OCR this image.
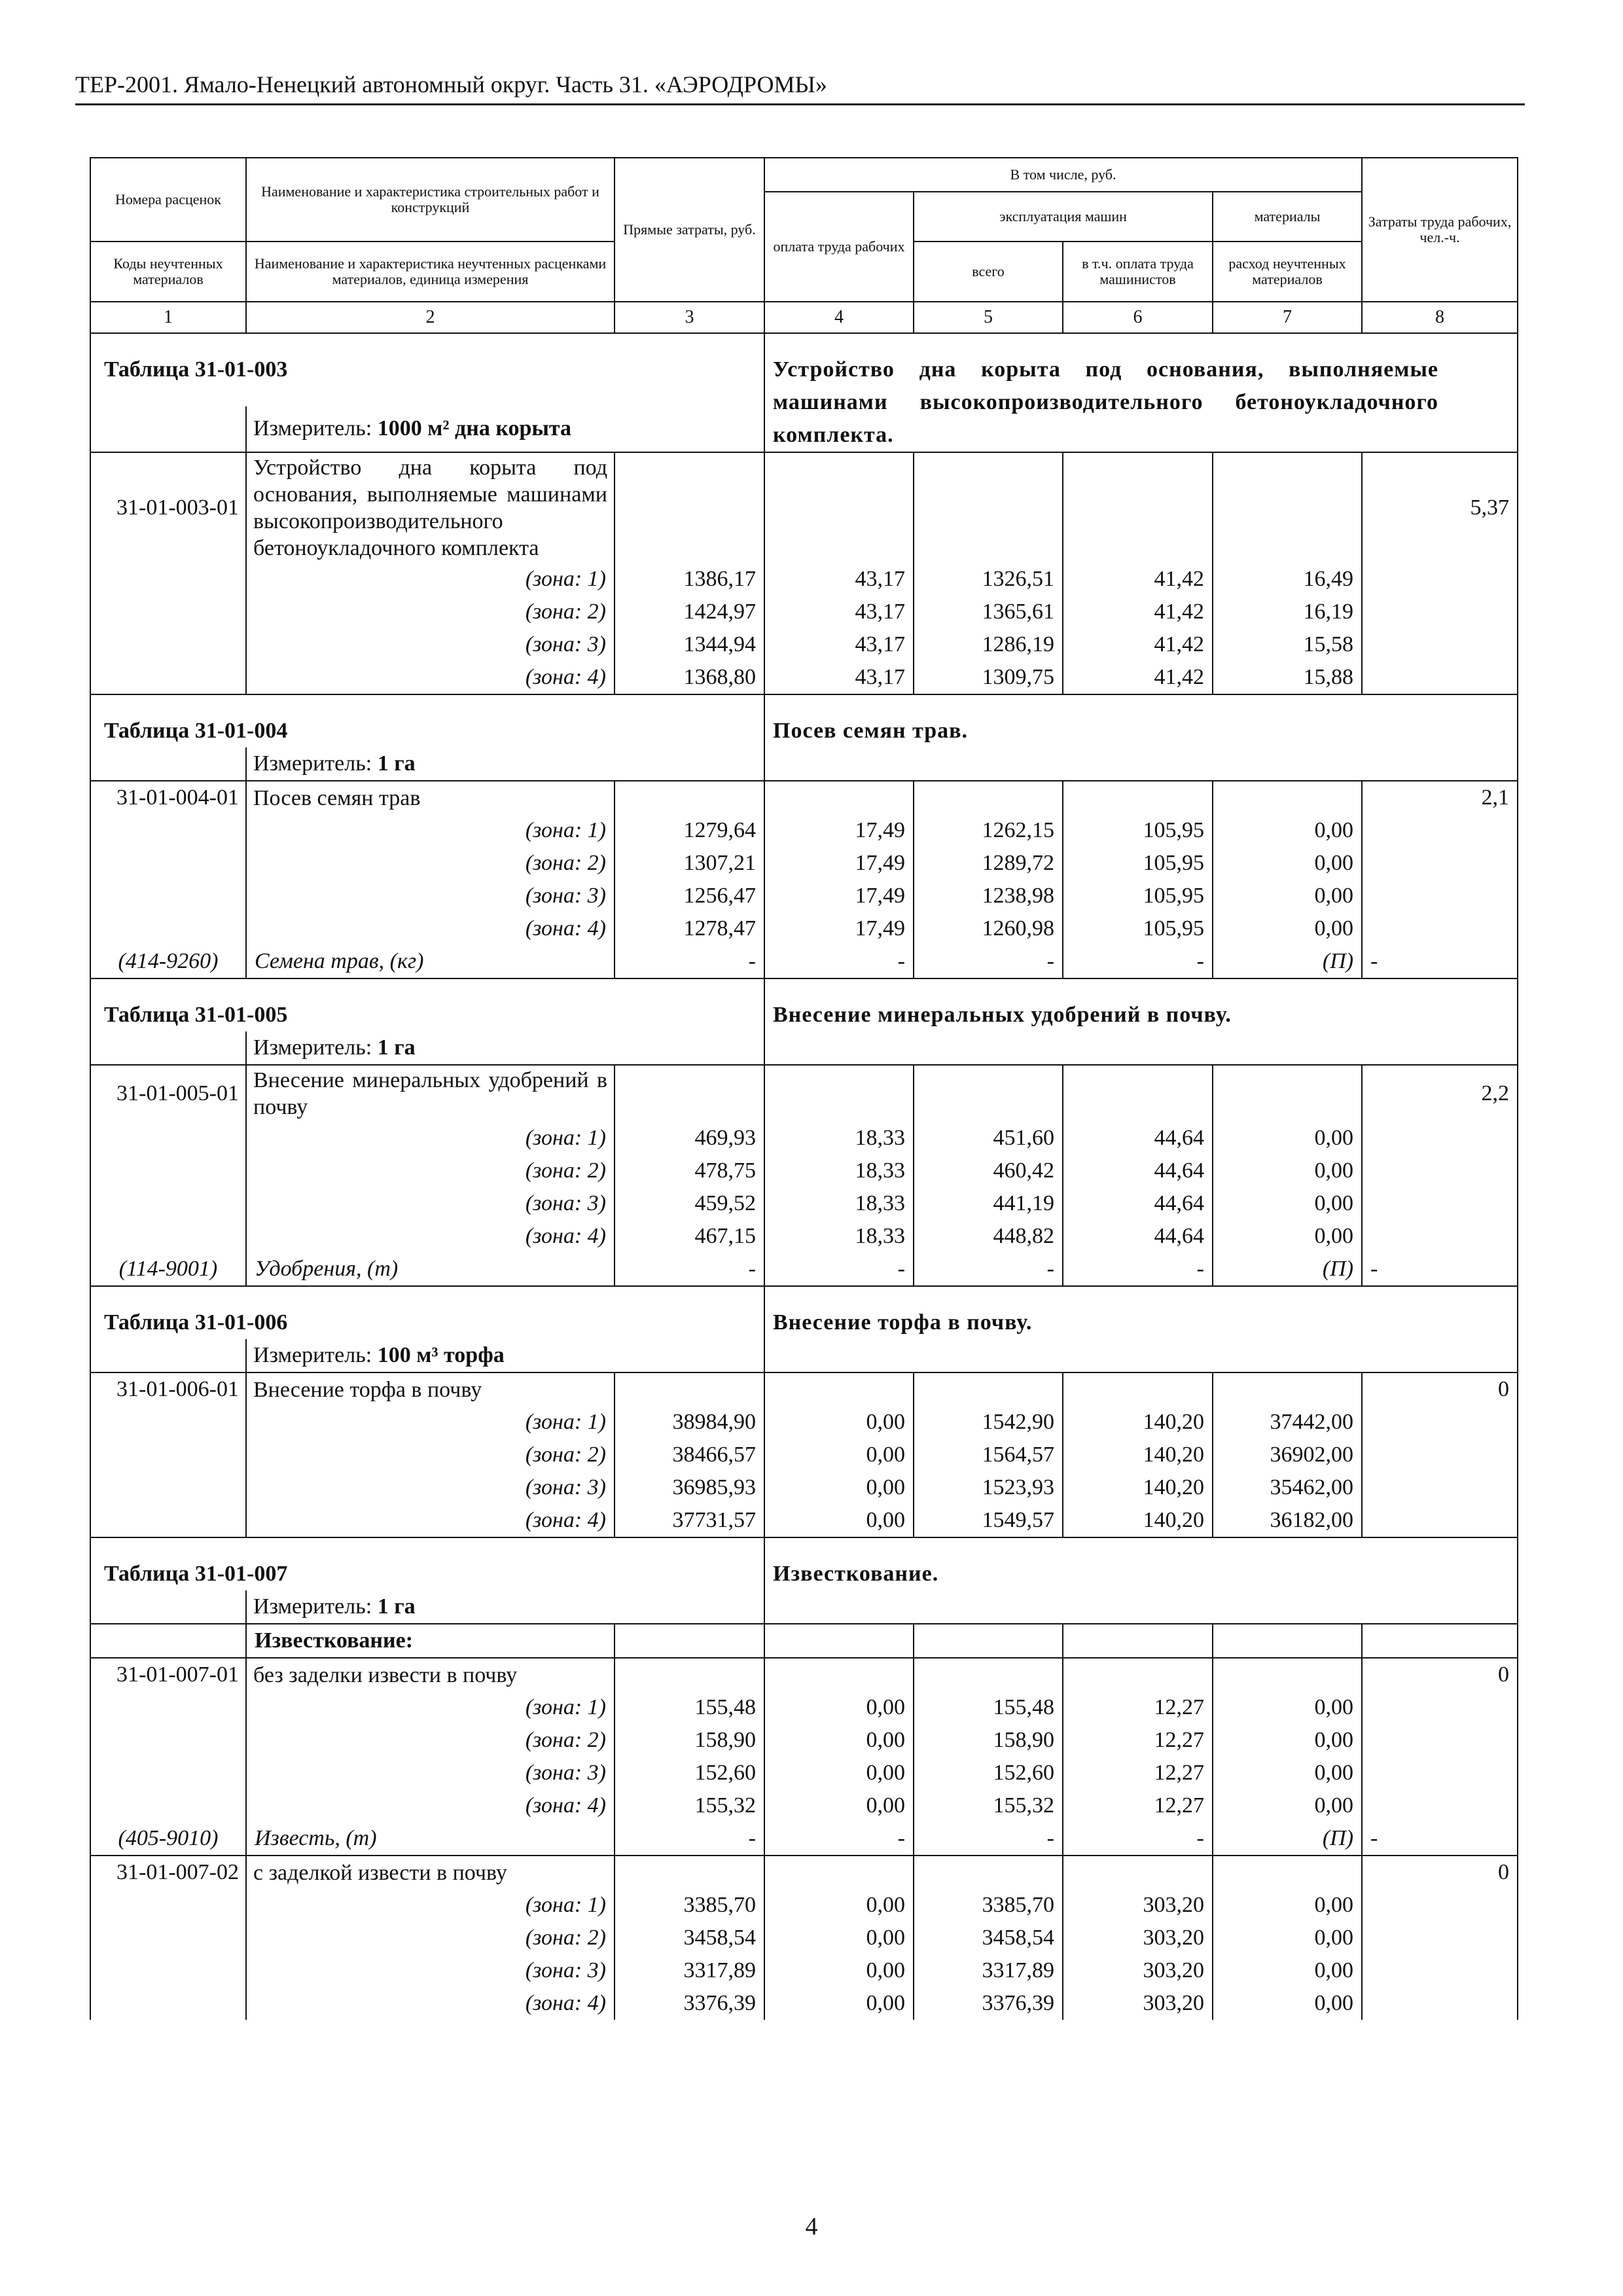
ТЕР-2001. Ямало-Ненецкий автономный округ. Часть 31. «АЭРОДРОМЫ»
Номера расценок	Наименование и характеристика строительных работ и конструкций	Прямые затраты, руб.	В том числе, руб.				Затраты труда рабочих, чел.-ч.
			оплата труда рабочих	эксплуатация машин		материалы	
				всего	в т.ч. оплата труда машинистов	расход неучтенных материалов	
Коды неучтенных материалов	Наименование и характеристика неучтенных расценками материалов, единица измерения						
1	2	3	4	5	6	7	8
Таблица 31-01-003			Устройство дна корыта под основания, выполняемые машинами высокопроизводительного бетоноукладочного комплекта.				
	Измеритель: 1000 м² дна корыта						
31-01-003-01	Устройство дна корыта под основания, выполняемые машинами высокопроизводительного бетоноукладочного комплекта						5,37
	(зона: 1)	1386,17	43,17	1326,51	41,42	16,49	
	(зона: 2)	1424,97	43,17	1365,61	41,42	16,19	
	(зона: 3)	1344,94	43,17	1286,19	41,42	15,58	
	(зона: 4)	1368,80	43,17	1309,75	41,42	15,88	
Таблица 31-01-004			Посев семян трав.				
	Измеритель: 1 га						
31-01-004-01	Посев семян трав						2,1
	(зона: 1)	1279,64	17,49	1262,15	105,95	0,00	
	(зона: 2)	1307,21	17,49	1289,72	105,95	0,00	
	(зона: 3)	1256,47	17,49	1238,98	105,95	0,00	
	(зона: 4)	1278,47	17,49	1260,98	105,95	0,00	
(414-9260)	Семена трав, (кг)	-	-	-	-	(П)	-
Таблица 31-01-005			Внесение минеральных удобрений в почву.				
	Измеритель: 1 га						
31-01-005-01	Внесение минеральных удобрений в почву						2,2
	(зона: 1)	469,93	18,33	451,60	44,64	0,00	
	(зона: 2)	478,75	18,33	460,42	44,64	0,00	
	(зона: 3)	459,52	18,33	441,19	44,64	0,00	
	(зона: 4)	467,15	18,33	448,82	44,64	0,00	
(114-9001)	Удобрения, (т)	-	-	-	-	(П)	-
Таблица 31-01-006			Внесение торфа в почву.				
	Измеритель: 100 м³ торфа						
31-01-006-01	Внесение торфа в почву						0
	(зона: 1)	38984,90	0,00	1542,90	140,20	37442,00	
	(зона: 2)	38466,57	0,00	1564,57	140,20	36902,00	
	(зона: 3)	36985,93	0,00	1523,93	140,20	35462,00	
	(зона: 4)	37731,57	0,00	1549,57	140,20	36182,00	
Таблица 31-01-007			Известкование.				
	Измеритель: 1 га						
	Известкование:						
31-01-007-01	без заделки извести в почву						0
	(зона: 1)	155,48	0,00	155,48	12,27	0,00	
	(зона: 2)	158,90	0,00	158,90	12,27	0,00	
	(зона: 3)	152,60	0,00	152,60	12,27	0,00	
	(зона: 4)	155,32	0,00	155,32	12,27	0,00	
(405-9010)	Известь, (т)	-	-	-	-	(П)	-
31-01-007-02	с заделкой извести в почву						0
	(зона: 1)	3385,70	0,00	3385,70	303,20	0,00	
	(зона: 2)	3458,54	0,00	3458,54	303,20	0,00	
	(зона: 3)	3317,89	0,00	3317,89	303,20	0,00	
	(зона: 4)	3376,39	0,00	3376,39	303,20	0,00	
4
